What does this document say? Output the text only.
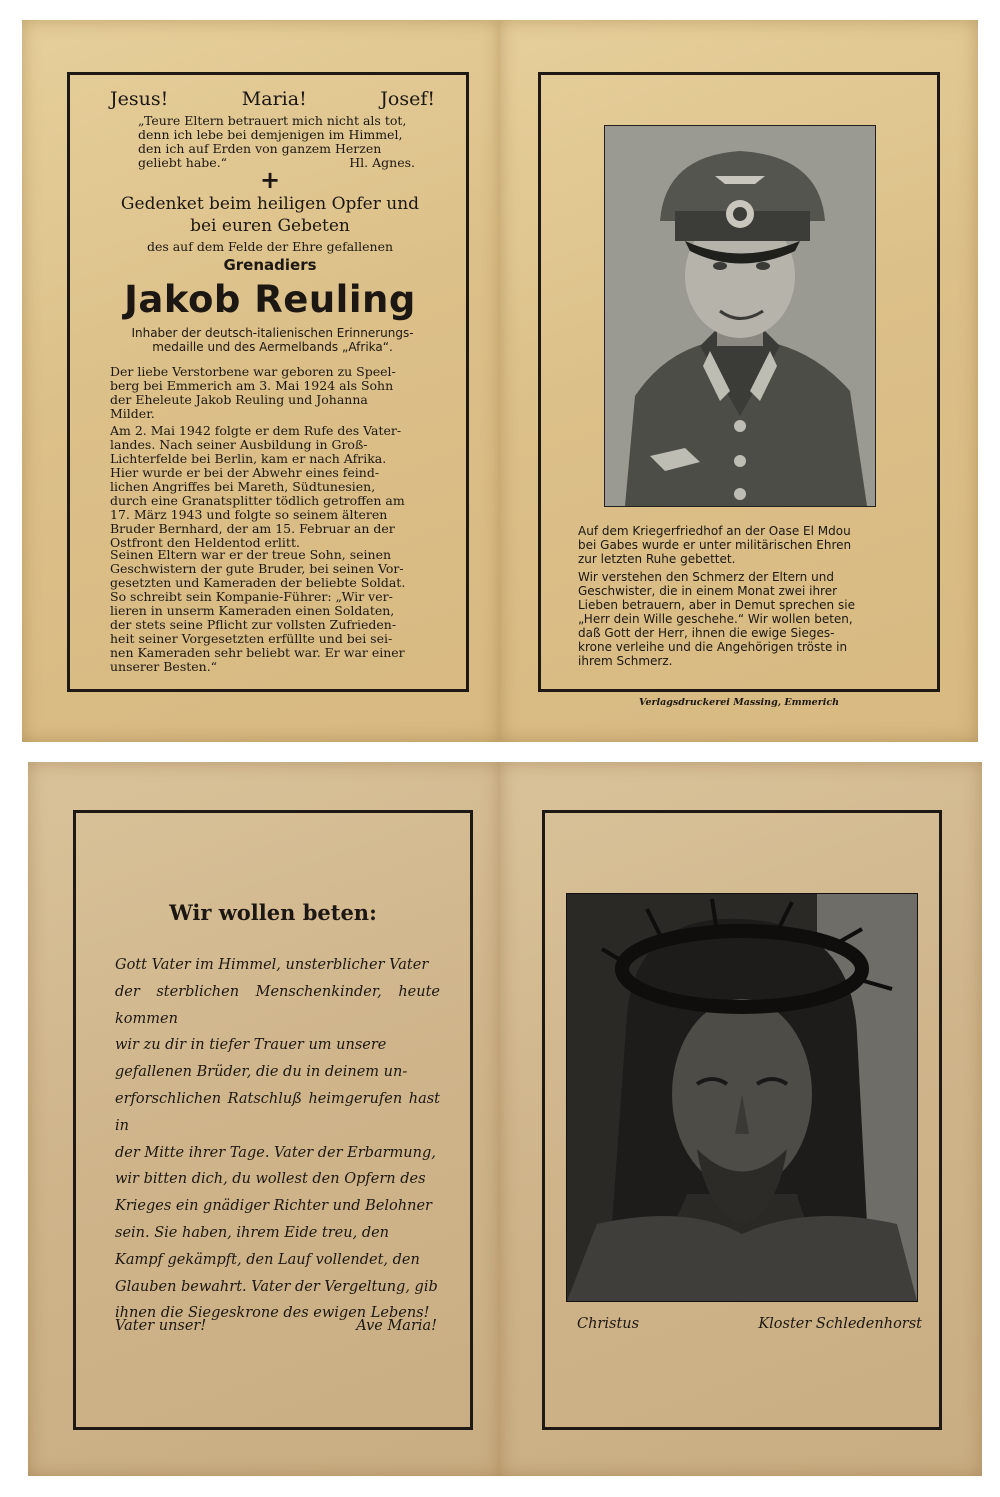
Jesus!	Maria!	Josef!
„Teure Eltern betrauert mich nicht als tot,
denn ich lebe bei demjenigen im Himmel,
den ich auf Erden von ganzem Herzen
geliebt habe.“	Hl. Agnes.
+
Gedenket beim heiligen Opfer und
bei euren Gebeten
des auf dem Felde der Ehre gefallenen
Grenadiers
Jakob Reuling
Inhaber der deutsch-italienischen Erinnerungs-
medaille und des Aermelbands „Afrika“.
Der liebe Verstorbene war geboren zu Speel-
berg bei Emmerich am 3. Mai 1924 als Sohn
der Eheleute Jakob Reuling und Johanna
Milder.
Am 2. Mai 1942 folgte er dem Rufe des Vater-
landes. Nach seiner Ausbildung in Groß-
Lichterfelde bei Berlin, kam er nach Afrika.
Hier wurde er bei der Abwehr eines feind-
lichen Angriffes bei Mareth, Südtunesien,
durch eine Granatsplitter tödlich getroffen am
17. März 1943 und folgte so seinem älteren
Bruder Bernhard, der am 15. Februar an der
Ostfront den Heldentod erlitt.
Seinen Eltern war er der treue Sohn, seinen
Geschwistern der gute Bruder, bei seinen Vor-
gesetzten und Kameraden der beliebte Soldat.
So schreibt sein Kompanie-Führer: „Wir ver-
lieren in unserm Kameraden einen Soldaten,
der stets seine Pflicht zur vollsten Zufrieden-
heit seiner Vorgesetzten erfüllte und bei sei-
nen Kameraden sehr beliebt war. Er war einer
unserer Besten.“
Auf dem Kriegerfriedhof an der Oase El Mdou
bei Gabes wurde er unter militärischen Ehren
zur letzten Ruhe gebettet.
Wir verstehen den Schmerz der Eltern und
Geschwister, die in einem Monat zwei ihrer
Lieben betrauern, aber in Demut sprechen sie
„Herr dein Wille geschehe.“ Wir wollen beten,
daß Gott der Herr, ihnen die ewige Sieges-
krone verleihe und die Angehörigen tröste in
ihrem Schmerz.
Verlagsdruckerei Massing, Emmerich
Wir wollen beten:
Gott Vater im Himmel, unsterblicher Vater
der sterblichen Menschenkinder, heute kommen
wir zu dir in tiefer Trauer um unsere
gefallenen Brüder, die du in deinem un-
erforschlichen Ratschluß heimgerufen hast in
der Mitte ihrer Tage. Vater der Erbarmung,
wir bitten dich, du wollest den Opfern des
Krieges ein gnädiger Richter und Belohner
sein. Sie haben, ihrem Eide treu, den
Kampf gekämpft, den Lauf vollendet, den
Glauben bewahrt. Vater der Vergeltung, gib
ihnen die Siegeskrone des ewigen Lebens!
Vater unser!	Ave Maria!	Christus	Kloster Schledenhorst
